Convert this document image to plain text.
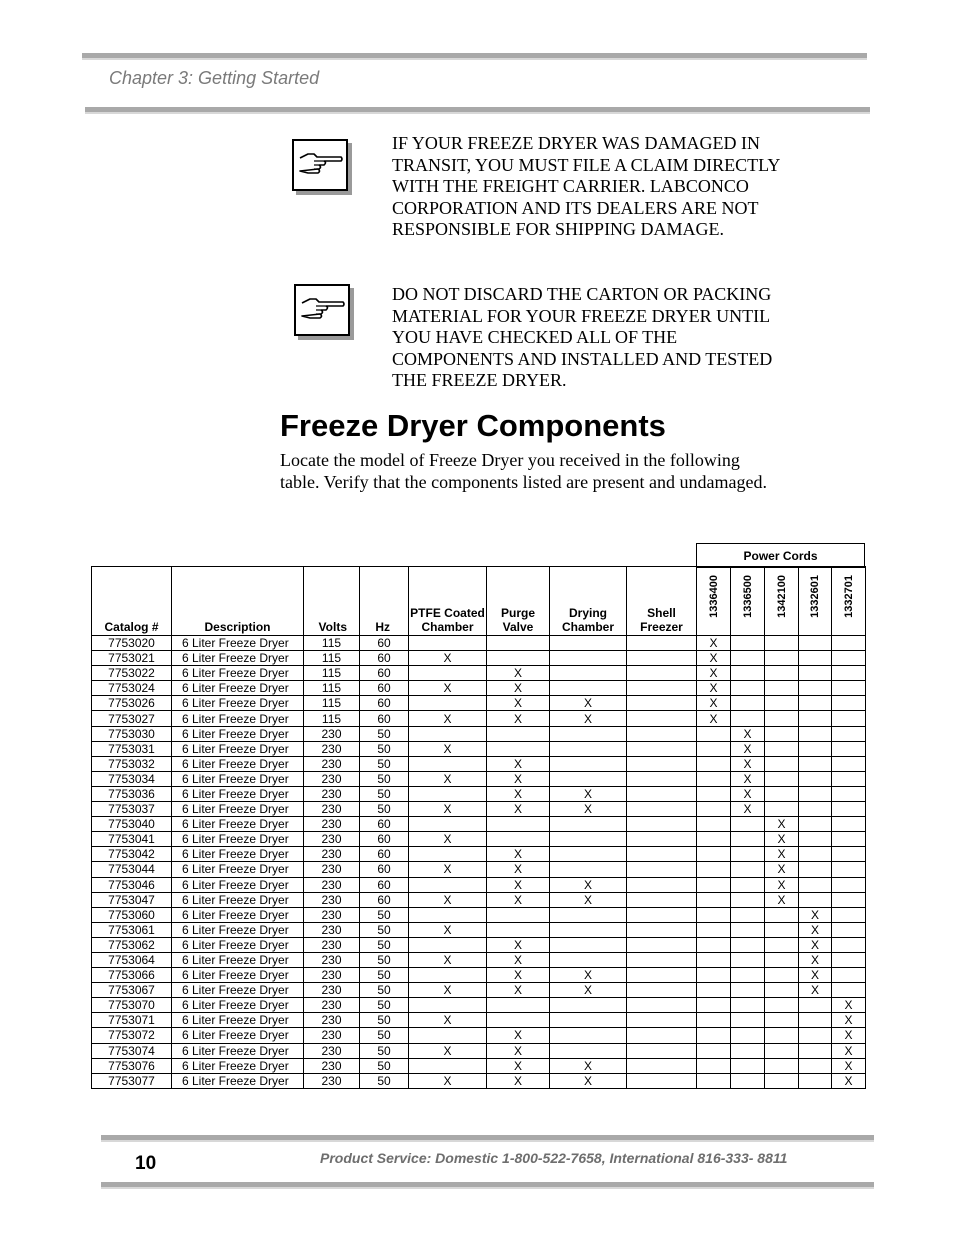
Chapter 3: Getting Started
IF YOUR FREEZE DRYER WAS DAMAGED IN TRANSIT, YOU MUST FILE A CLAIM DIRECTLY WITH THE FREIGHT CARRIER. LABCONCO CORPORATION AND ITS DEALERS ARE NOT RESPONSIBLE FOR SHIPPING DAMAGE.
DO NOT DISCARD THE CARTON OR PACKING MATERIAL FOR YOUR FREEZE DRYER UNTIL YOU HAVE CHECKED ALL OF THE COMPONENTS AND INSTALLED AND TESTED THE FREEZE DRYER.
Freeze Dryer Components
Locate the model of Freeze Dryer you received in the following table. Verify that the components listed are present and undamaged.
Power Cords
Catalog #	Description	Volts	Hz	PTFE Coated Chamber	Purge Valve	Drying Chamber	Shell Freezer	1336400	1336500	1342100	1332601	1332701

7753020	6 Liter Freeze Dryer	115	60					X				
7753021	6 Liter Freeze Dryer	115	60	X				X				
7753022	6 Liter Freeze Dryer	115	60		X			X				
7753024	6 Liter Freeze Dryer	115	60	X	X			X				
7753026	6 Liter Freeze Dryer	115	60		X	X		X				
7753027	6 Liter Freeze Dryer	115	60	X	X	X		X				
7753030	6 Liter Freeze Dryer	230	50						X			
7753031	6 Liter Freeze Dryer	230	50	X					X			
7753032	6 Liter Freeze Dryer	230	50		X				X			
7753034	6 Liter Freeze Dryer	230	50	X	X				X			
7753036	6 Liter Freeze Dryer	230	50		X	X			X			
7753037	6 Liter Freeze Dryer	230	50	X	X	X			X			
7753040	6 Liter Freeze Dryer	230	60							X		
7753041	6 Liter Freeze Dryer	230	60	X						X		
7753042	6 Liter Freeze Dryer	230	60		X					X		
7753044	6 Liter Freeze Dryer	230	60	X	X					X		
7753046	6 Liter Freeze Dryer	230	60		X	X				X		
7753047	6 Liter Freeze Dryer	230	60	X	X	X				X		
7753060	6 Liter Freeze Dryer	230	50								X	
7753061	6 Liter Freeze Dryer	230	50	X							X	
7753062	6 Liter Freeze Dryer	230	50		X						X	
7753064	6 Liter Freeze Dryer	230	50	X	X						X	
7753066	6 Liter Freeze Dryer	230	50		X	X					X	
7753067	6 Liter Freeze Dryer	230	50	X	X	X					X	
7753070	6 Liter Freeze Dryer	230	50									X
7753071	6 Liter Freeze Dryer	230	50	X								X
7753072	6 Liter Freeze Dryer	230	50		X							X
7753074	6 Liter Freeze Dryer	230	50	X	X							X
7753076	6 Liter Freeze Dryer	230	50		X	X						X
7753077	6 Liter Freeze Dryer	230	50	X	X	X						X
10	Product Service: Domestic 1-800-522-7658, International 816-333- 8811
